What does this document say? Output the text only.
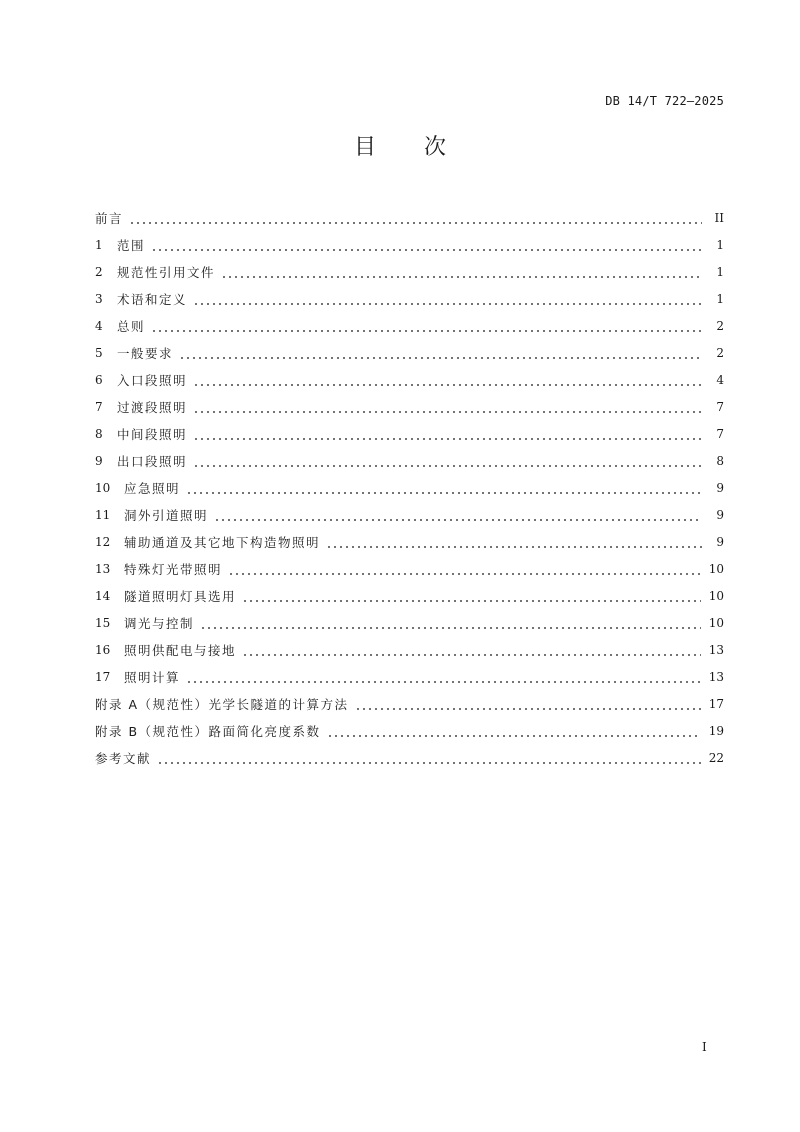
DB 14/T 722—2025
目 次
前言	II
1	范围	1
2	规范性引用文件	1
3	术语和定义	1
4	总则	2
5	一般要求	2
6	入口段照明	4
7	过渡段照明	7
8	中间段照明	7
9	出口段照明	8
10	应急照明	9
11	洞外引道照明	9
12	辅助通道及其它地下构造物照明	9
13	特殊灯光带照明	10
14	隧道照明灯具选用	10
15	调光与控制	10
16	照明供配电与接地	13
17	照明计算	13
附录 A（规范性）光学长隧道的计算方法	17
附录 B（规范性）路面简化亮度系数	19
参考文献	22
I
